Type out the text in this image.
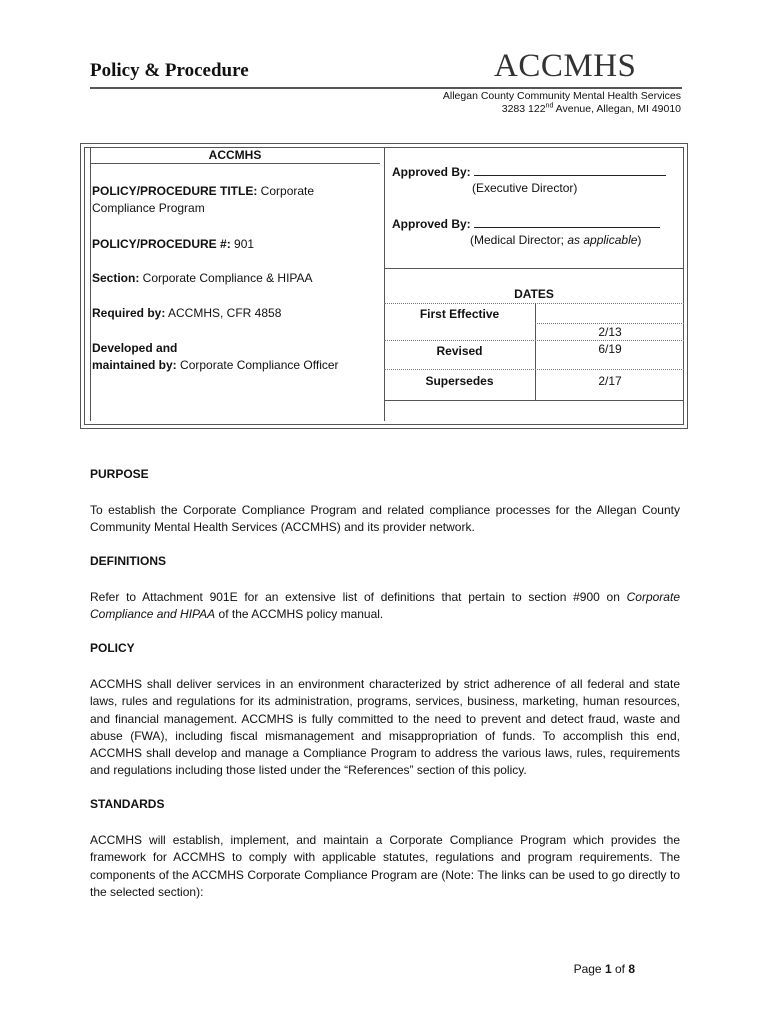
Policy & Procedure	ACCMHS
Allegan County Community Mental Health Services
3283 122nd Avenue, Allegan, MI 49010
ACCMHS
POLICY/PROCEDURE TITLE: Corporate Compliance Program
POLICY/PROCEDURE #: 901
Section: Corporate Compliance & HIPAA
Required by: ACCMHS, CFR 4858
Developed and
maintained by: Corporate Compliance Officer
Approved By:
(Executive Director)
Approved By:
(Medical Director; as applicable)
DATES
First Effective
2/13
Revised	6/19
Supersedes	2/17
PURPOSE
To establish the Corporate Compliance Program and related compliance processes for the Allegan County Community Mental Health Services (ACCMHS) and its provider network.
DEFINITIONS
Refer to Attachment 901E for an extensive list of definitions that pertain to section #900 on Corporate Compliance and HIPAA of the ACCMHS policy manual.
POLICY
ACCMHS shall deliver services in an environment characterized by strict adherence of all federal and state laws, rules and regulations for its administration, programs, services, business, marketing, human resources, and financial management. ACCMHS is fully committed to the need to prevent and detect fraud, waste and abuse (FWA), including fiscal mismanagement and misappropriation of funds. To accomplish this end, ACCMHS shall develop and manage a Compliance Program to address the various laws, rules, requirements and regulations including those listed under the “References” section of this policy.
STANDARDS
ACCMHS will establish, implement, and maintain a Corporate Compliance Program which provides the framework for ACCMHS to comply with applicable statutes, regulations and program requirements. The components of the ACCMHS Corporate Compliance Program are (Note: The links can be used to go directly to the selected section):
Page 1 of 8
